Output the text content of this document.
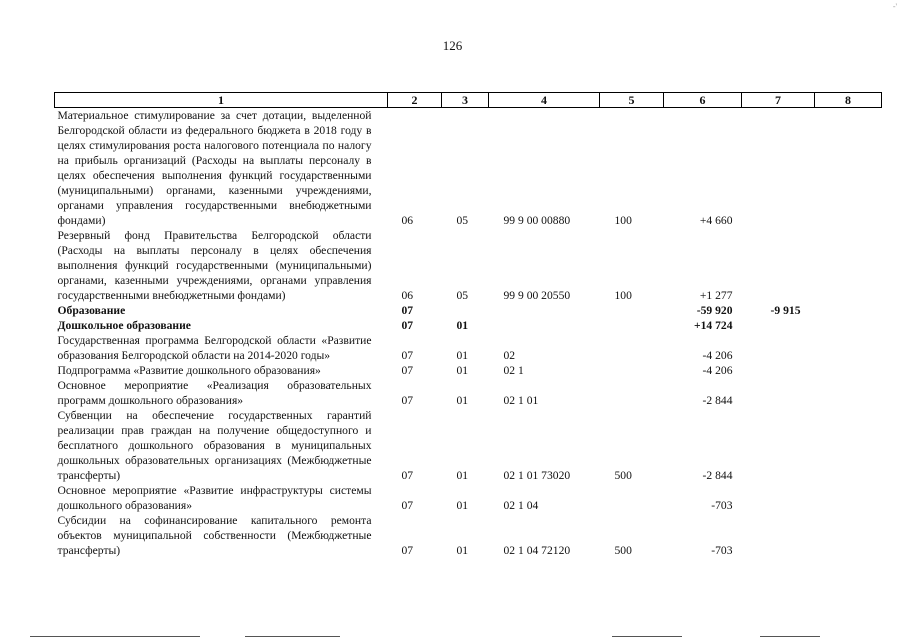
126
-'
1	2	3	4	5	6	7	8
Материальное стимулирование за счет дотации, выделенной Белгородской области из федерального бюджета в 2018 году в целях стимулирования роста налогового потенциала по налогу на прибыль организаций (Расходы на выплаты персоналу в целях обеспечения выполнения функций государственными (муниципальными) органами, казенными учреждениями, органами управления государственными внебюджетными фондами)	06	05	99 9 00 00880	100	+4 660		
Резервный фонд Правительства Белгородской области (Расходы на выплаты персоналу в целях обеспечения выполнения функций государственными (муниципальными) органами, казенными учреждениями, органами управления государственными внебюджетными фондами)	06	05	99 9 00 20550	100	+1 277		
Образование	07				-59 920	-9 915	
Дошкольное образование	07	01			+14 724		
Государственная программа Белгородской области «Развитие образования Белгородской области на 2014-2020 годы»	07	01	02		-4 206		
Подпрограмма «Развитие дошкольного образования»	07	01	02 1		-4 206		
Основное мероприятие «Реализация образовательных программ дошкольного образования»	07	01	02 1 01		-2 844		
Субвенции на обеспечение государственных гарантий реализации прав граждан на получение общедоступного и бесплатного дошкольного образования в муниципальных дошкольных образовательных организациях (Межбюджетные трансферты)	07	01	02 1 01 73020	500	-2 844		
Основное мероприятие «Развитие инфраструктуры системы дошкольного образования»	07	01	02 1 04		-703		
Субсидии на софинансирование капитального ремонта объектов муниципальной собственности (Межбюджетные трансферты)	07	01	02 1 04 72120	500	-703		
